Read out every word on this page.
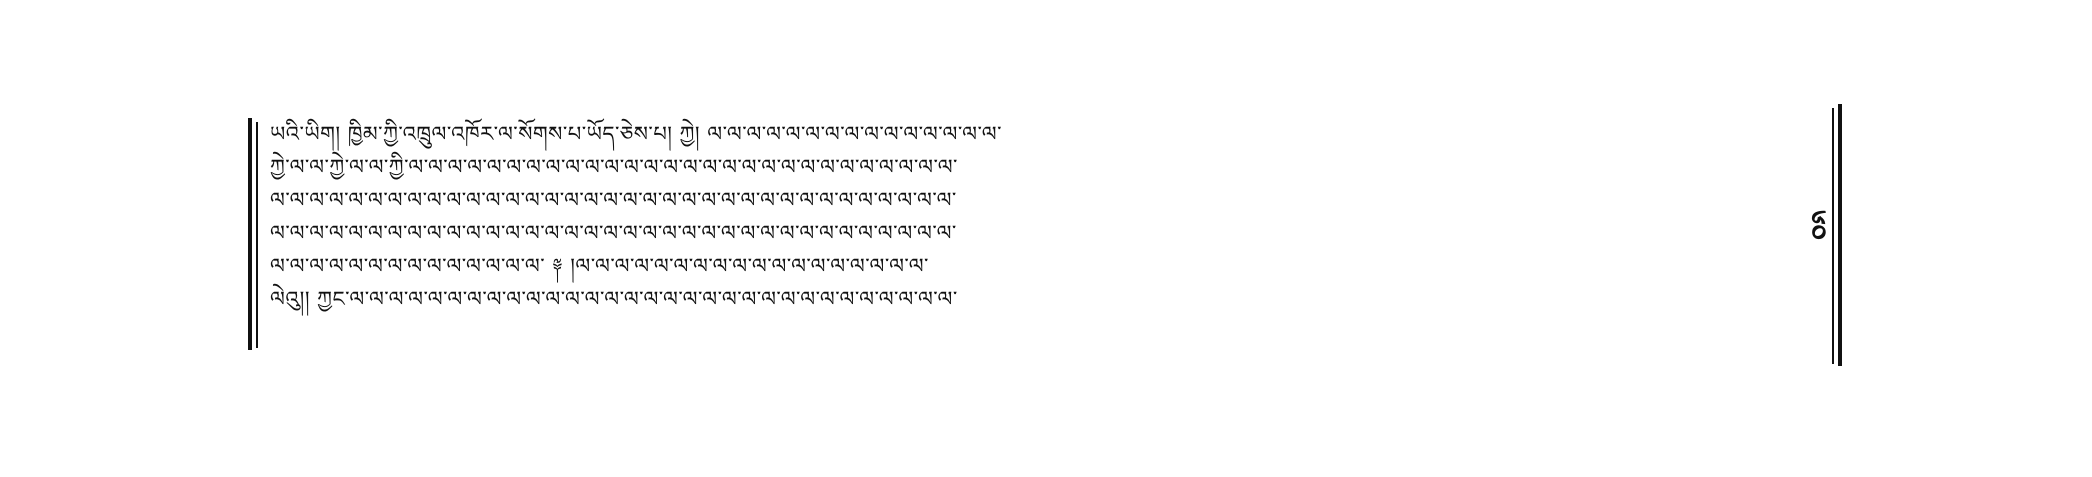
ཡའི་ཡིག། ཁྱིམ་ཀྱི་འཁྲུལ་འཁོར་ལ་སོགས་པ་ཡོད་ཅེས་པ། ཀྱེ། ལ་ལ་ལ་ལ་ལ་ལ་ལ་ལ་ལ་ལ་ལ་ལ་ལ་ལ་ལ་
ཀྱེ་ལ་ལ་ཀྱེ་ལ་ལ་ཀྱི་ལ་ལ་ལ་ལ་ལ་ལ་ལ་ལ་ལ་ལ་ལ་ལ་ལ་ལ་ལ་ལ་ལ་ལ་ལ་ལ་ལ་ལ་ལ་ལ་ལ་ལ་ལ་ལ་
ལ་ལ་ལ་ལ་ལ་ལ་ལ་ལ་ལ་ལ་ལ་ལ་ལ་ལ་ལ་ལ་ལ་ལ་ལ་ལ་ལ་ལ་ལ་ལ་ལ་ལ་ལ་ལ་ལ་ལ་ལ་ལ་ལ་ལ་ལ་
ལ་ལ་ལ་ལ་ལ་ལ་ལ་ལ་ལ་ལ་ལ་ལ་ལ་ལ་ལ་ལ་ལ་ལ་ལ་ལ་ལ་ལ་ལ་ལ་ལ་ལ་ལ་ལ་ལ་ལ་ལ་ལ་ལ་ལ་ལ་
ལ་ལ་ལ་ལ་ལ་ལ་ལ་ལ་ལ་ལ་ལ་ལ་ལ་ལ་ ༈ །ལ་ལ་ལ་ལ་ལ་ལ་ལ་ལ་ལ་ལ་ལ་ལ་ལ་ལ་ལ་ལ་ལ་ལ་
ལེའུ།། ཀྱང་ལ་ལ་ལ་ལ་ལ་ལ་ལ་ལ་ལ་ལ་ལ་ལ་ལ་ལ་ལ་ལ་ལ་ལ་ལ་ལ་ལ་ལ་ལ་ལ་ལ་ལ་ལ་ལ་ལ་ལ་ལ་
༦༠
